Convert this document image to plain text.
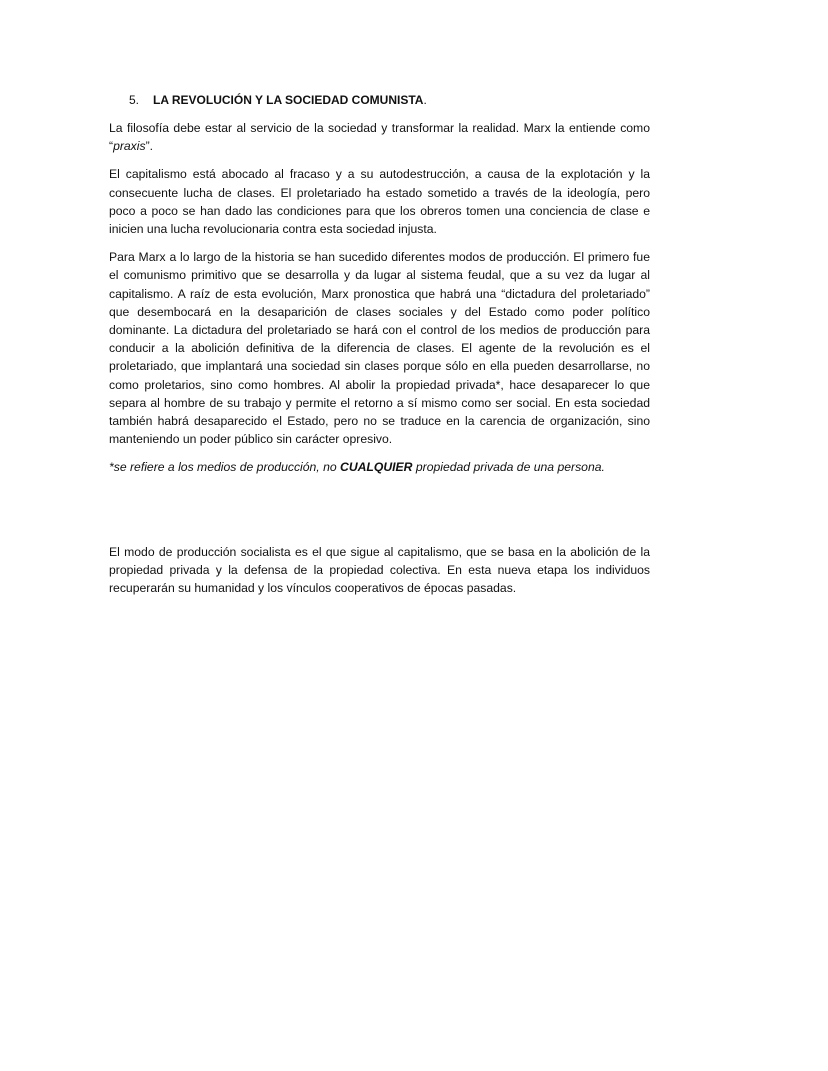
5. LA REVOLUCIÓN Y LA SOCIEDAD COMUNISTA.

La filosofía debe estar al servicio de la sociedad y transformar la realidad. Marx la entiende como “praxis”.

El capitalismo está abocado al fracaso y a su autodestrucción, a causa de la explotación y la consecuente lucha de clases. El proletariado ha estado sometido a través de la ideología, pero poco a poco se han dado las condiciones para que los obreros tomen una conciencia de clase e inicien una lucha revolucionaria contra esta sociedad injusta.

Para Marx a lo largo de la historia se han sucedido diferentes modos de producción. El primero fue el comunismo primitivo que se desarrolla y da lugar al sistema feudal, que a su vez da lugar al capitalismo. A raíz de esta evolución, Marx pronostica que habrá una “dictadura del proletariado” que desembocará en la desaparición de clases sociales y del Estado como poder político dominante. La dictadura del proletariado se hará con el control de los medios de producción para conducir a la abolición definitiva de la diferencia de clases. El agente de la revolución es el proletariado, que implantará una sociedad sin clases porque sólo en ella pueden desarrollarse, no como proletarios, sino como hombres. Al abolir la propiedad privada*, hace desaparecer lo que separa al hombre de su trabajo y permite el retorno a sí mismo como ser social. En esta sociedad también habrá desaparecido el Estado, pero no se traduce en la carencia de organización, sino manteniendo un poder público sin carácter opresivo.

*se refiere a los medios de producción, no CUALQUIER propiedad privada de una persona.

El modo de producción socialista es el que sigue al capitalismo, que se basa en la abolición de la propiedad privada y la defensa de la propiedad colectiva. En esta nueva etapa los individuos recuperarán su humanidad y los vínculos cooperativos de épocas pasadas.
